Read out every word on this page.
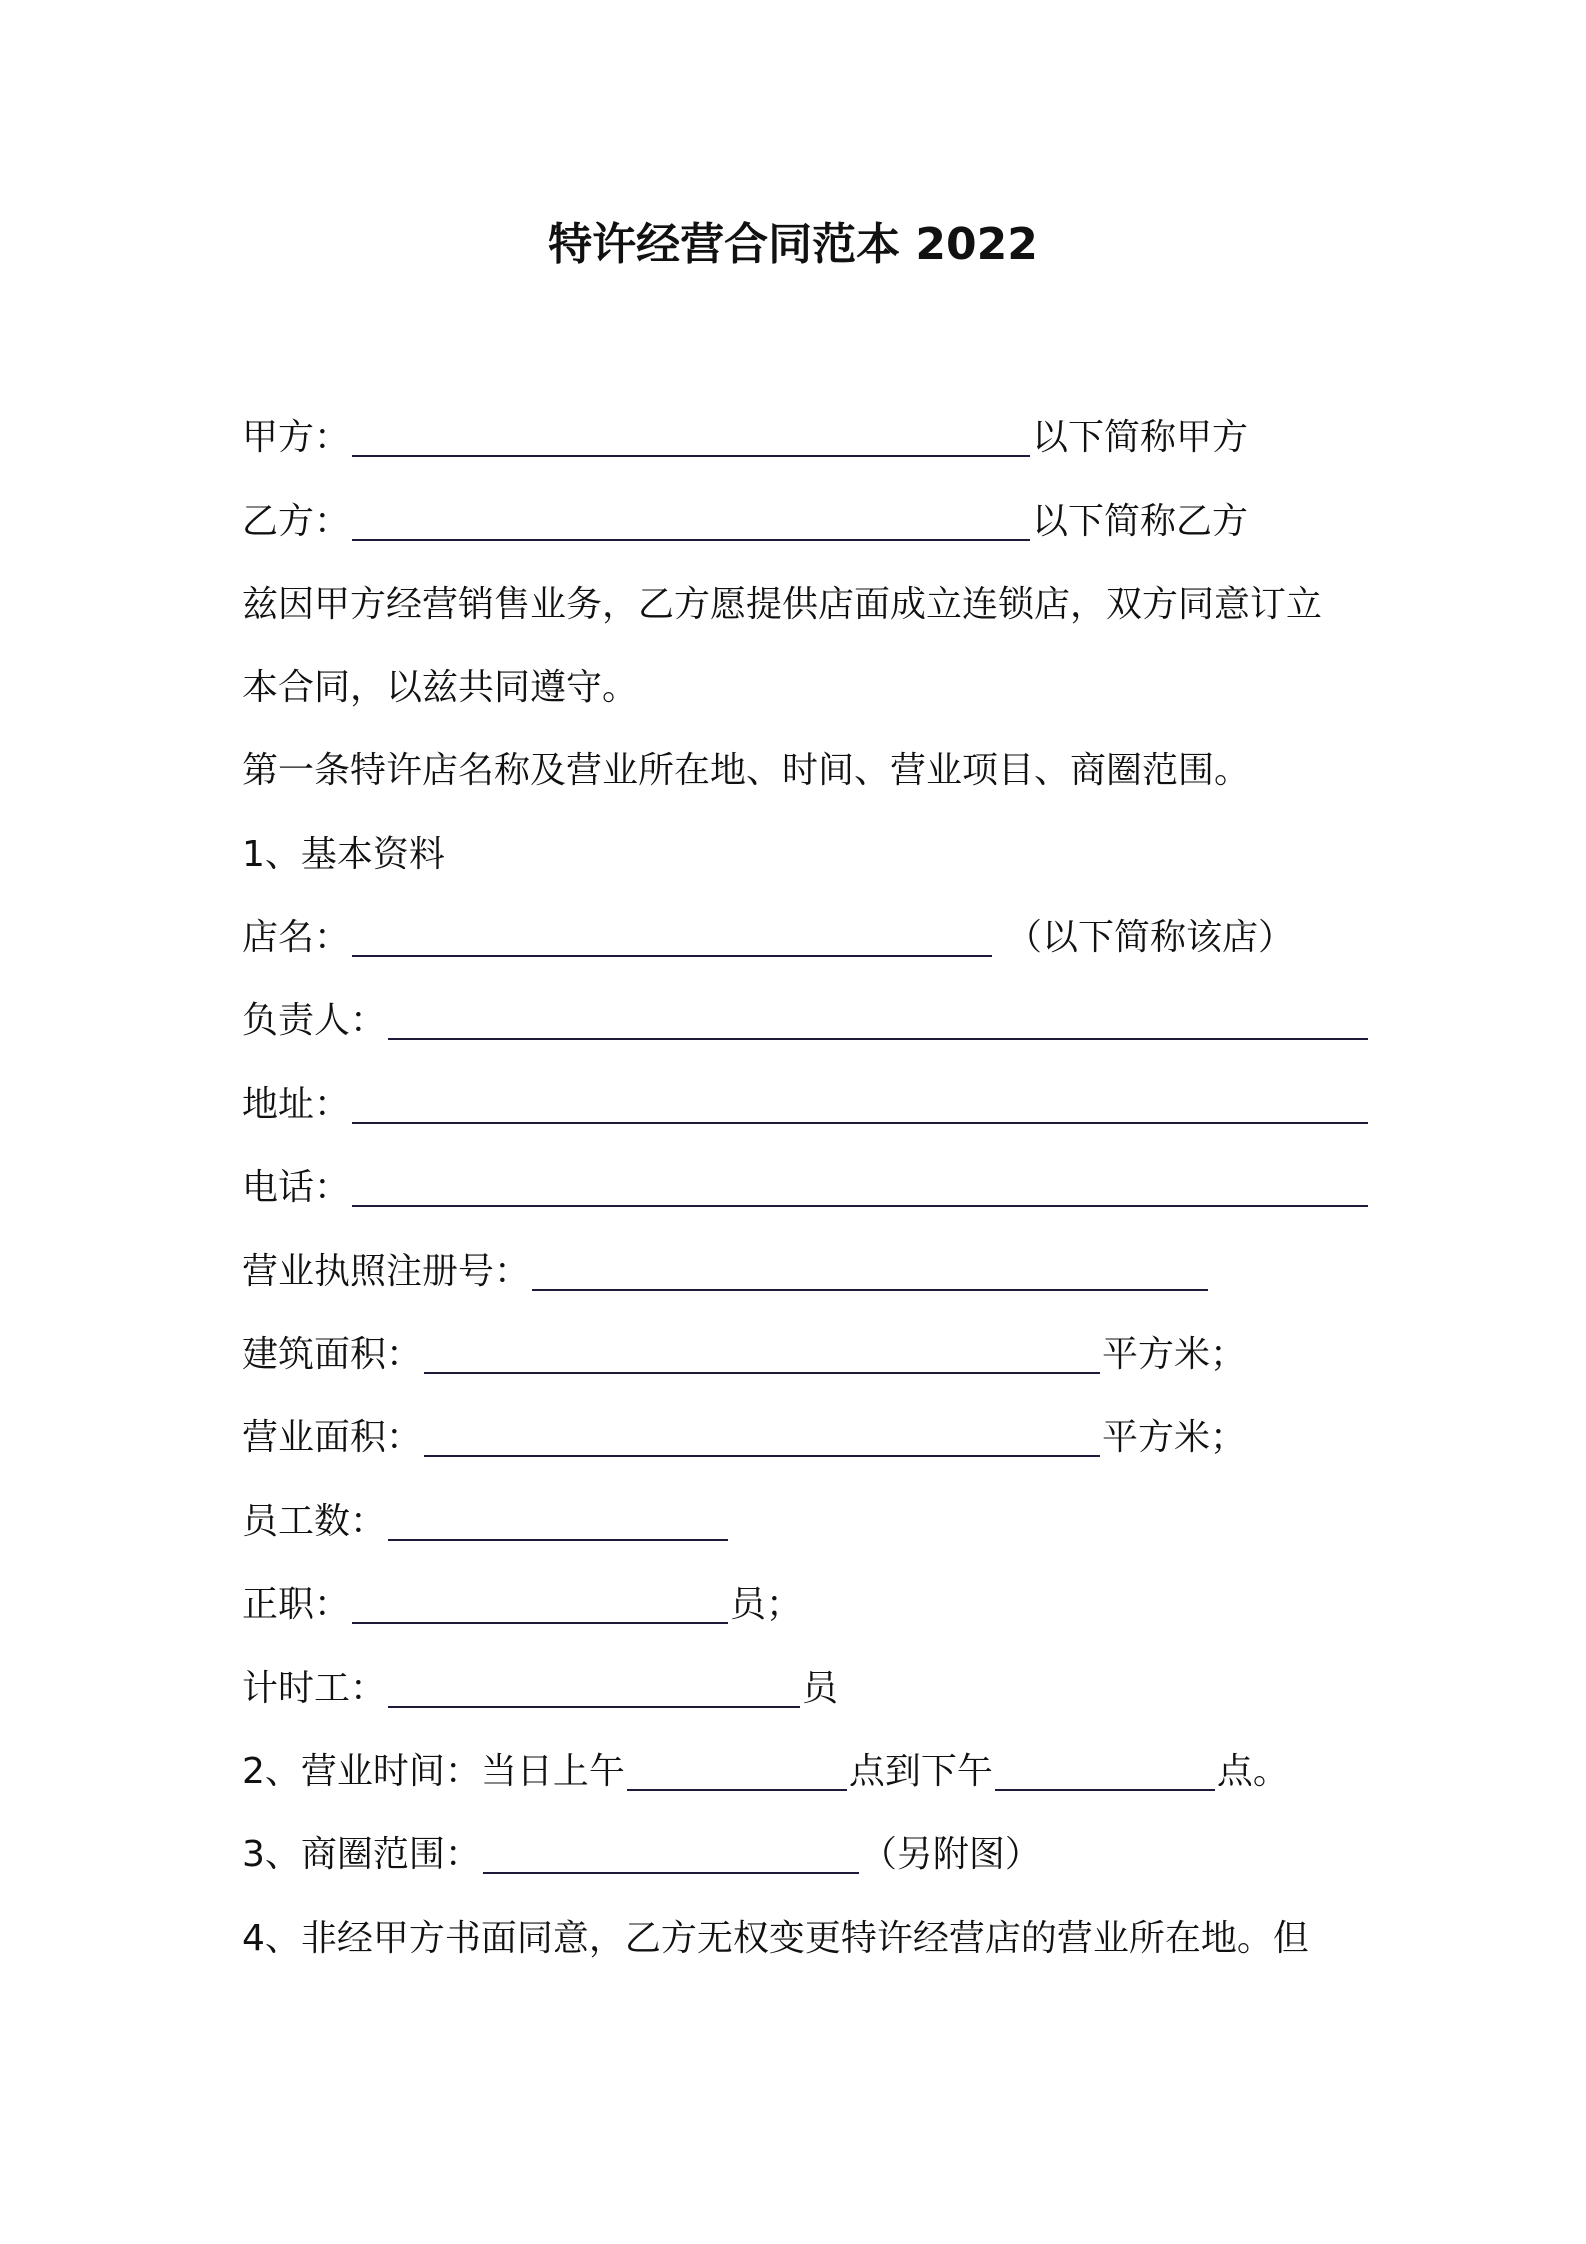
特许经营合同范本 2022
甲方：	以下简称甲方
乙方：	以下简称乙方
兹因甲方经营销售业务，乙方愿提供店面成立连锁店，双方同意订立
本合同，以兹共同遵守。
第一条特许店名称及营业所在地、时间、营业项目、商圈范围。
1、基本资料
店名：	（以下简称该店）
负责人：
地址：
电话：
营业执照注册号：
建筑面积：	平方米；
营业面积：	平方米；
员工数：
正职：	员；
计时工：	员
2、营业时间：当日上午	点到下午	点。
3、商圈范围：	（另附图）
4、非经甲方书面同意，乙方无权变更特许经营店的营业所在地。但
